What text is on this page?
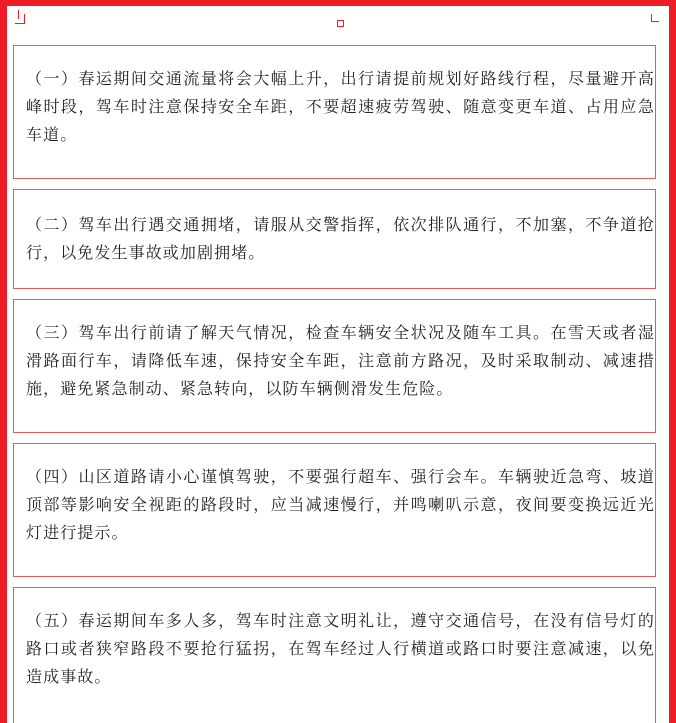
（一）春运期间交通流量将会大幅上升，出行请提前规划好路线行程，尽量避开高峰时段，驾车时注意保持安全车距，不要超速疲劳驾驶、随意变更车道、占用应急车道。
（二）驾车出行遇交通拥堵，请服从交警指挥，依次排队通行，不加塞，不争道抢行，以免发生事故或加剧拥堵。
（三）驾车出行前请了解天气情况，检查车辆安全状况及随车工具。在雪天或者湿滑路面行车，请降低车速，保持安全车距，注意前方路况，及时采取制动、减速措施，避免紧急制动、紧急转向，以防车辆侧滑发生危险。
（四）山区道路请小心谨慎驾驶，不要强行超车、强行会车。车辆驶近急弯、坡道顶部等影响安全视距的路段时，应当减速慢行，并鸣喇叭示意，夜间要变换远近光灯进行提示。
（五）春运期间车多人多，驾车时注意文明礼让，遵守交通信号，在没有信号灯的路口或者狭窄路段不要抢行猛拐，在驾车经过人行横道或路口时要注意减速，以免造成事故。
